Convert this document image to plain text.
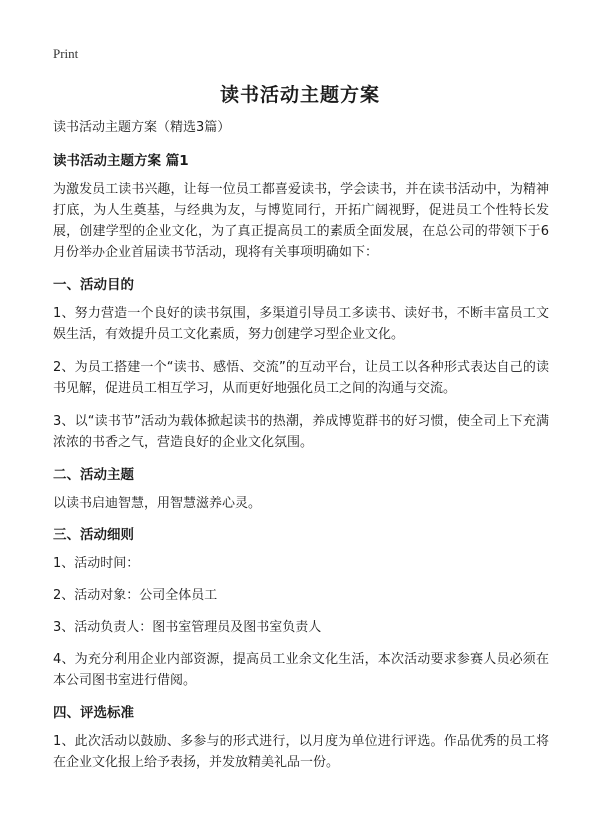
Print
读书活动主题方案
读书活动主题方案（精选3篇）
读书活动主题方案 篇1
为激发员工读书兴趣，让每一位员工都喜爱读书，学会读书，并在读书活动中，为精神打底，为人生奠基，与经典为友，与博览同行，开拓广阔视野，促进员工个性特长发展，创建学型的企业文化，为了真正提高员工的素质全面发展，在总公司的带领下于6月份举办企业首届读书节活动，现将有关事项明确如下：
一、活动目的
1、努力营造一个良好的读书氛围，多渠道引导员工多读书、读好书，不断丰富员工文娱生活，有效提升员工文化素质，努力创建学习型企业文化。
2、为员工搭建一个“读书、感悟、交流”的互动平台，让员工以各种形式表达自己的读书见解，促进员工相互学习，从而更好地强化员工之间的沟通与交流。
3、以“读书节”活动为载体掀起读书的热潮，养成博览群书的好习惯，使全司上下充满浓浓的书香之气，营造良好的企业文化氛围。
二、活动主题
以读书启迪智慧，用智慧滋养心灵。
三、活动细则
1、活动时间：
2、活动对象：公司全体员工
3、活动负责人：图书室管理员及图书室负责人
4、为充分利用企业内部资源，提高员工业余文化生活，本次活动要求参赛人员必须在本公司图书室进行借阅。
四、评选标准
1、此次活动以鼓励、多参与的形式进行，以月度为单位进行评选。作品优秀的员工将在企业文化报上给予表扬，并发放精美礼品一份。
